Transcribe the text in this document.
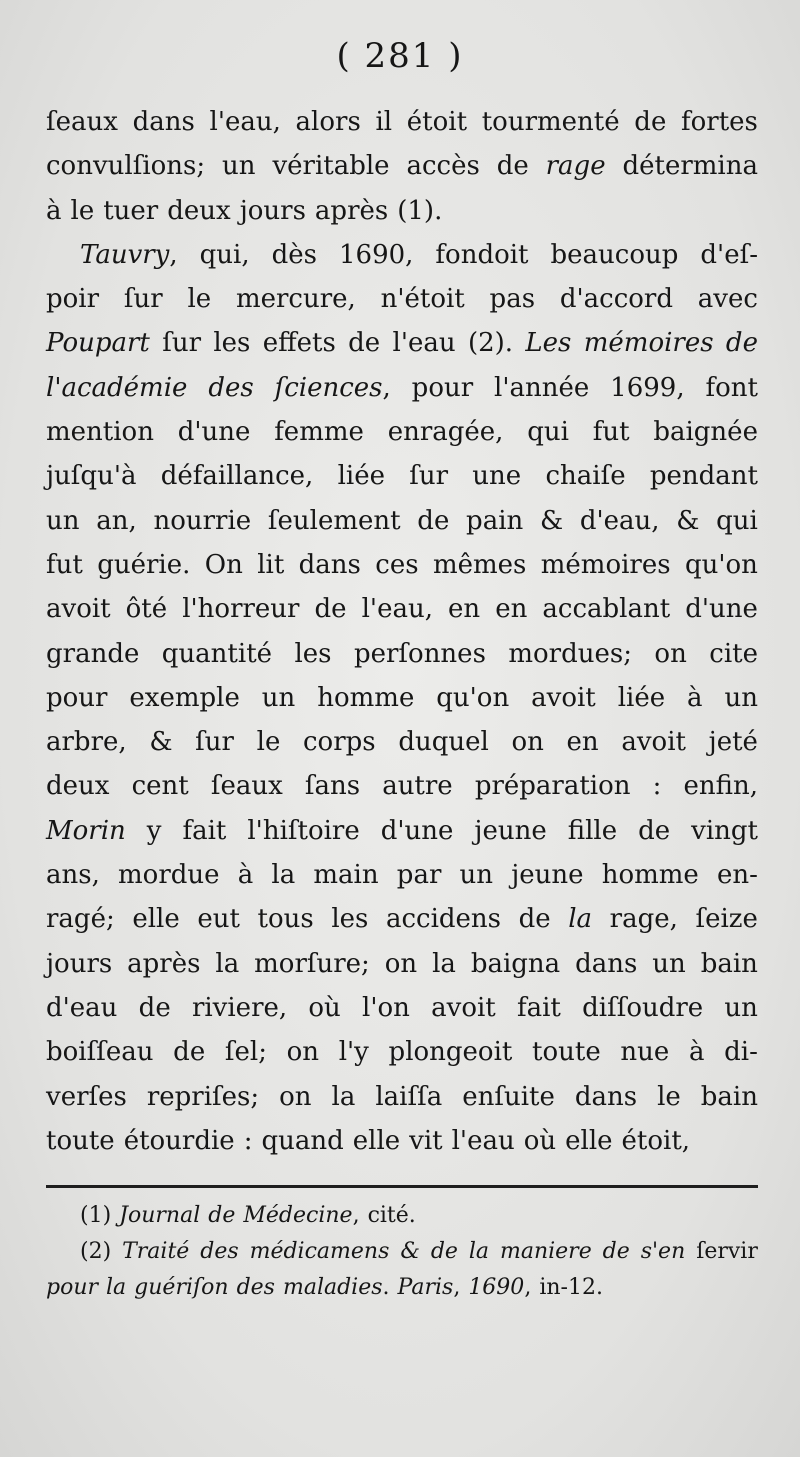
( 281 )
ſeaux dans l'eau, alors il étoit tourmenté de fortes
convulſions; un véritable accès de rage détermina
à le tuer deux jours après (1).
Tauvry, qui, dès 1690, fondoit beaucoup d'eſ-
poir ſur le mercure, n'étoit pas d'accord avec
Poupart ſur les effets de l'eau (2). Les mémoires de
l'académie des ſciences, pour l'année 1699, font
mention d'une femme enragée, qui fut baignée
juſqu'à défaillance, liée ſur une chaiſe pendant
un an, nourrie ſeulement de pain & d'eau, & qui
fut guérie. On lit dans ces mêmes mémoires qu'on
avoit ôté l'horreur de l'eau, en en accablant d'une
grande quantité les perſonnes mordues; on cite
pour exemple un homme qu'on avoit liée à un
arbre, & ſur le corps duquel on en avoit jeté
deux cent ſeaux ſans autre préparation : enfin,
Morin y fait l'hiſtoire d'une jeune fille de vingt
ans, mordue à la main par un jeune homme en-
ragé; elle eut tous les accidens de la rage, ſeize
jours après la morſure; on la baigna dans un bain
d'eau de riviere, où l'on avoit fait diſſoudre un
boiſſeau de ſel; on l'y plongeoit toute nue à di-
verſes repriſes; on la laiſſa enſuite dans le bain
toute étourdie : quand elle vit l'eau où elle étoit,
(1) Journal de Médecine, cité.
(2) Traité des médicamens & de la maniere de s'en ſervir
pour la guériſon des maladies. Paris, 1690, in-12.
